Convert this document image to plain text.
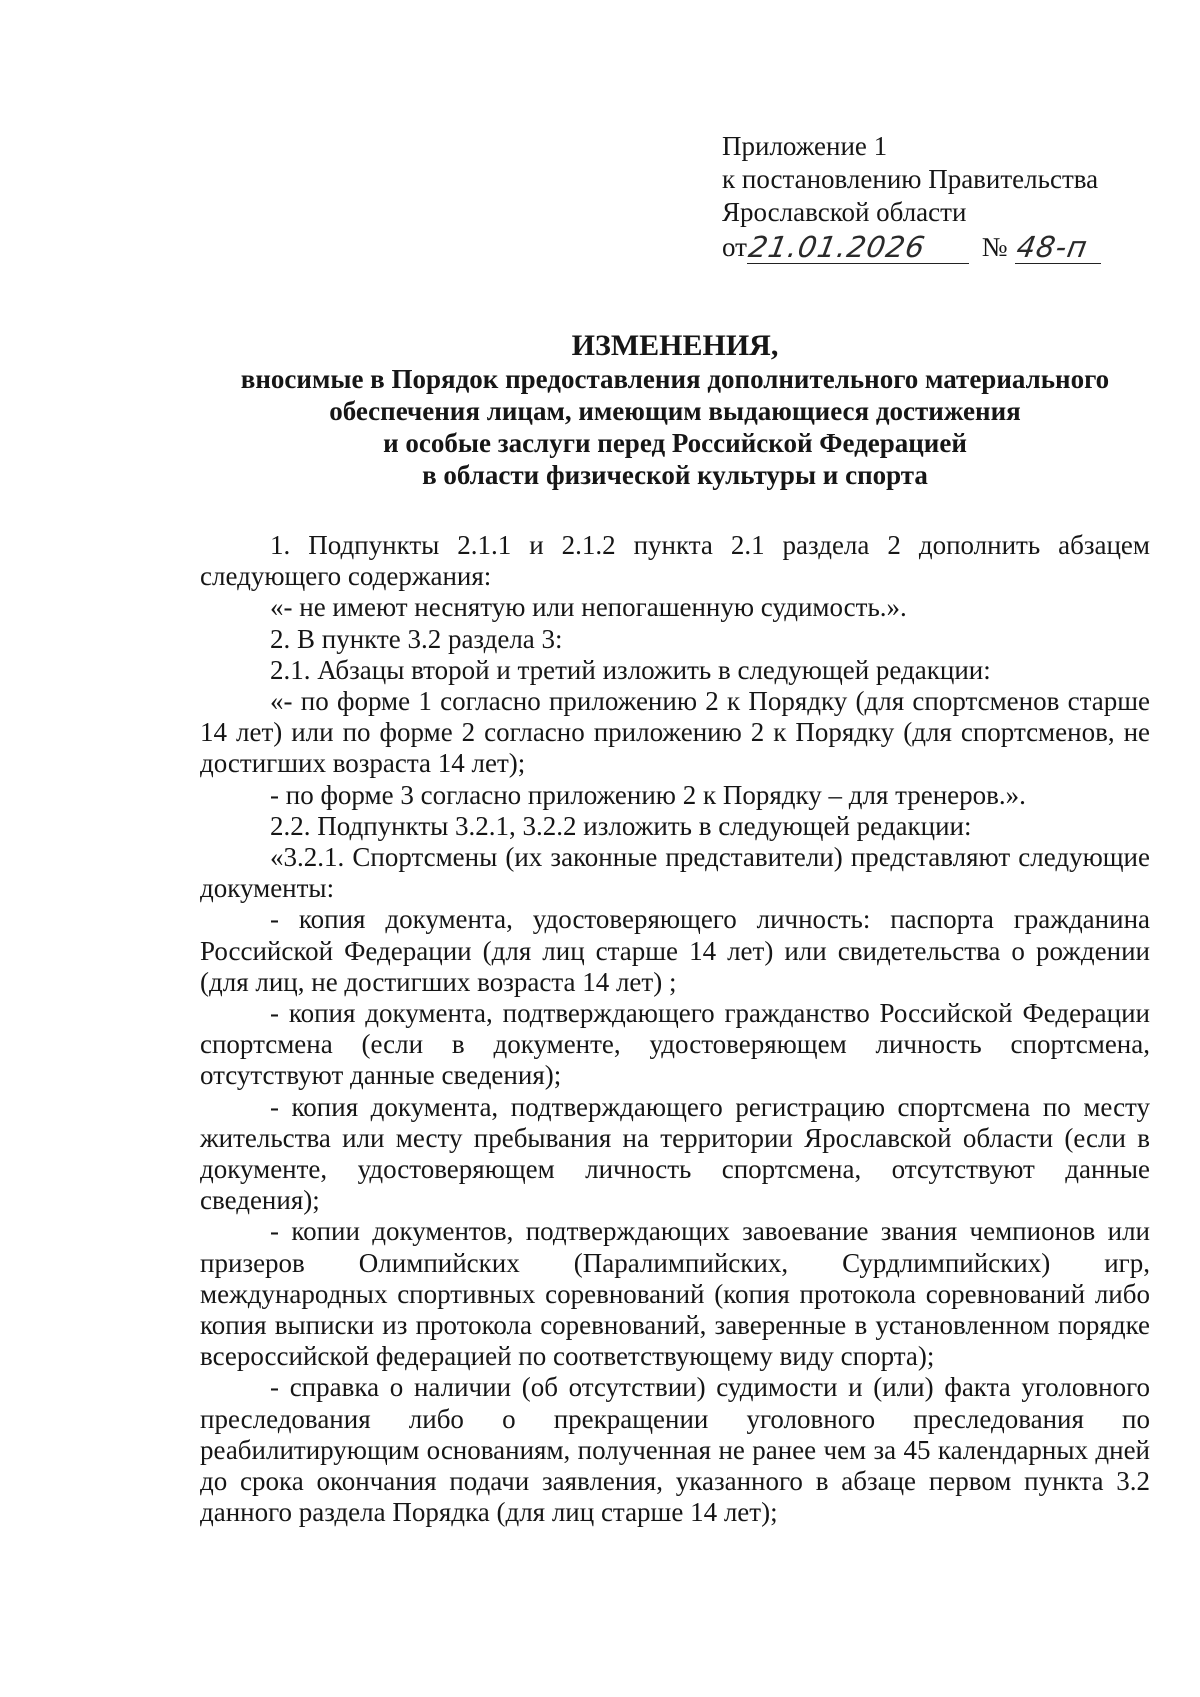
Приложение 1
к постановлению Правительства
Ярославской области
от 21.01.2026 № 48-п
ИЗМЕНЕНИЯ,
вносимые в Порядок предоставления дополнительного материального
обеспечения лицам, имеющим выдающиеся достижения
и особые заслуги перед Российской Федерацией
в области физической культуры и спорта

1. Подпункты 2.1.1 и 2.1.2 пункта 2.1 раздела 2 дополнить абзацем следующего содержания:

«- не имеют неснятую или непогашенную судимость.».

2. В пункте 3.2 раздела 3:

2.1. Абзацы второй и третий изложить в следующей редакции:

«- по форме 1 согласно приложению 2 к Порядку (для спортсменов старше 14 лет) или по форме 2 согласно приложению 2 к Порядку (для спортсменов, не достигших возраста 14 лет);

- по форме 3 согласно приложению 2 к Порядку – для тренеров.».

2.2. Подпункты 3.2.1, 3.2.2 изложить в следующей редакции:

«3.2.1. Спортсмены (их законные представители) представляют следующие документы:

- копия документа, удостоверяющего личность: паспорта гражданина Российской Федерации (для лиц старше 14 лет) или свидетельства о рождении (для лиц, не достигших возраста 14 лет) ;

- копия документа, подтверждающего гражданство Российской Федерации спортсмена (если в документе, удостоверяющем личность спортсмена, отсутствуют данные сведения);

- копия документа, подтверждающего регистрацию спортсмена по месту жительства или месту пребывания на территории Ярославской области (если в документе, удостоверяющем личность спортсмена, отсутствуют данные сведения);

- копии документов, подтверждающих завоевание звания чемпионов или призеров Олимпийских (Паралимпийских, Сурдлимпийских) игр, международных спортивных соревнований (копия протокола соревнований либо копия выписки из протокола соревнований, заверенные в установленном порядке всероссийской федерацией по соответствующему виду спорта);

- справка о наличии (об отсутствии) судимости и (или) факта уголовного преследования либо о прекращении уголовного преследования по реабилитирующим основаниям, полученная не ранее чем за 45 календарных дней до срока окончания подачи заявления, указанного в абзаце первом пункта 3.2 данного раздела Порядка (для лиц старше 14 лет);
